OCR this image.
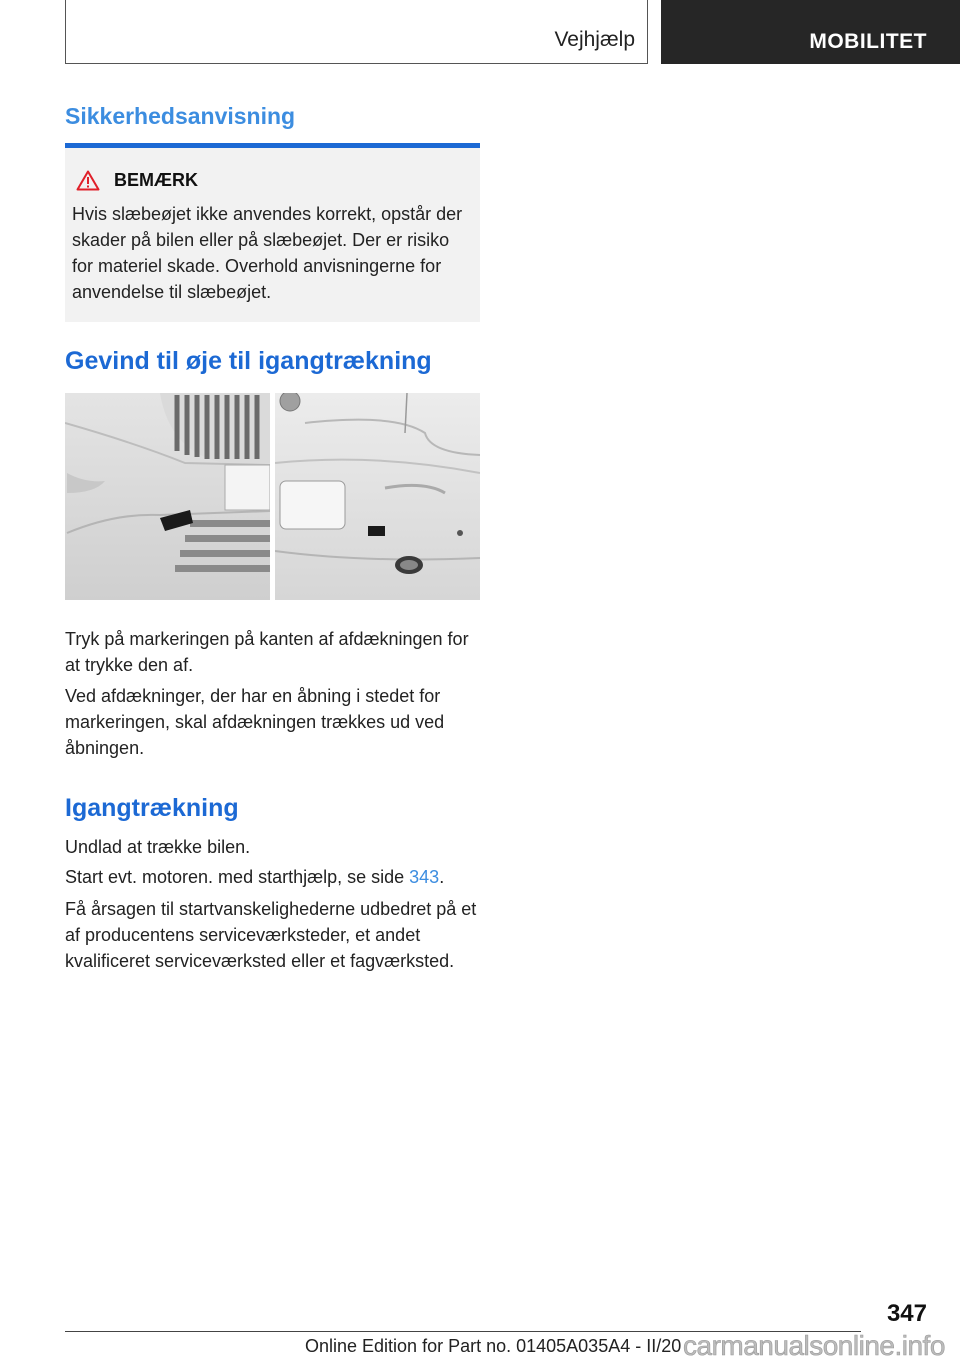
Vejhjælp	MOBILITET
Sikkerhedsanvisning
BEMÆRK

Hvis slæbeøjet ikke anvendes korrekt, opstår der skader på bilen eller på slæbeøjet. Der er risiko for materiel skade. Overhold anvisningerne for anvendelse til slæbeøjet.

Gevind til øje til igangtrækning

Tryk på markeringen på kanten af afdækningen for at trykke den af.

Ved afdækninger, der har en åbning i stedet for markeringen, skal afdækningen trækkes ud ved åbningen.

Igangtrækning

Undlad at trække bilen.

Start evt. motoren. med starthjælp, se side 343.

Få årsagen til startvanskelighederne udbedret på et af producentens serviceværksteder, et andet kvalificeret serviceværksted eller et fagværksted.

347
Online Edition for Part no. 01405A035A4 - II/20 carmanualsonline.info
